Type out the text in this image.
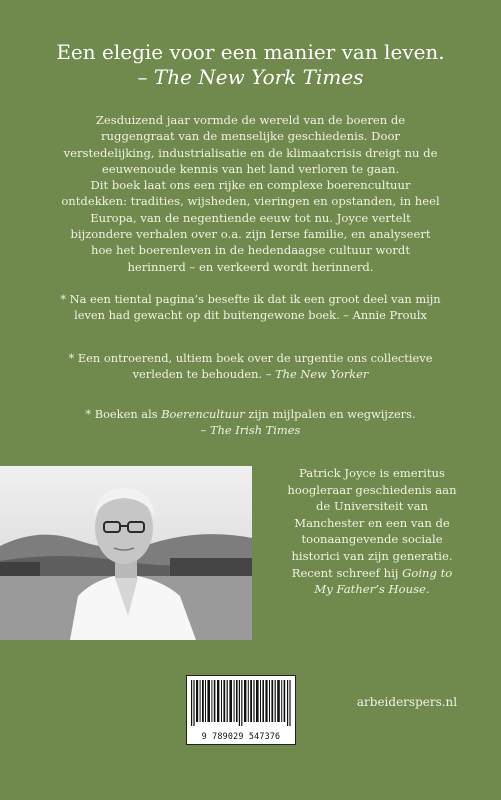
Een elegie voor een manier van leven.
– The New York Times
Zesduizend jaar vormde de wereld van de boeren de
ruggengraat van de menselijke geschiedenis. Door
verstedelijking, industrialisatie en de klimaatcrisis dreigt nu de
eeuwenoude kennis van het land verloren te gaan.
Dit boek laat ons een rijke en complexe boerencultuur
ontdekken: tradities, wijsheden, vieringen en opstanden, in heel
Europa, van de negentiende eeuw tot nu. Joyce vertelt
bijzondere verhalen over o.a. zijn Ierse familie, en analyseert
hoe het boerenleven in de hedendaagse cultuur wordt
herinnerd – en verkeerd wordt herinnerd.
* Na een tiental pagina’s besefte ik dat ik een groot deel van mijn
leven had gewacht op dit buitengewone boek. – Annie Proulx
* Een ontroerend, ultiem boek over de urgentie ons collectieve
verleden te behouden. – The New Yorker
* Boeken als Boerencultuur zijn mijlpalen en wegwijzers.
– The Irish Times
Patrick Joyce is emeritus
hoogleraar geschiedenis aan
de Universiteit van
Manchester en een van de
toonaangevende sociale
historici van zijn generatie.
Recent schreef hij Going to
My Father’s House.
9 789029 547376
arbeiderspers.nl
